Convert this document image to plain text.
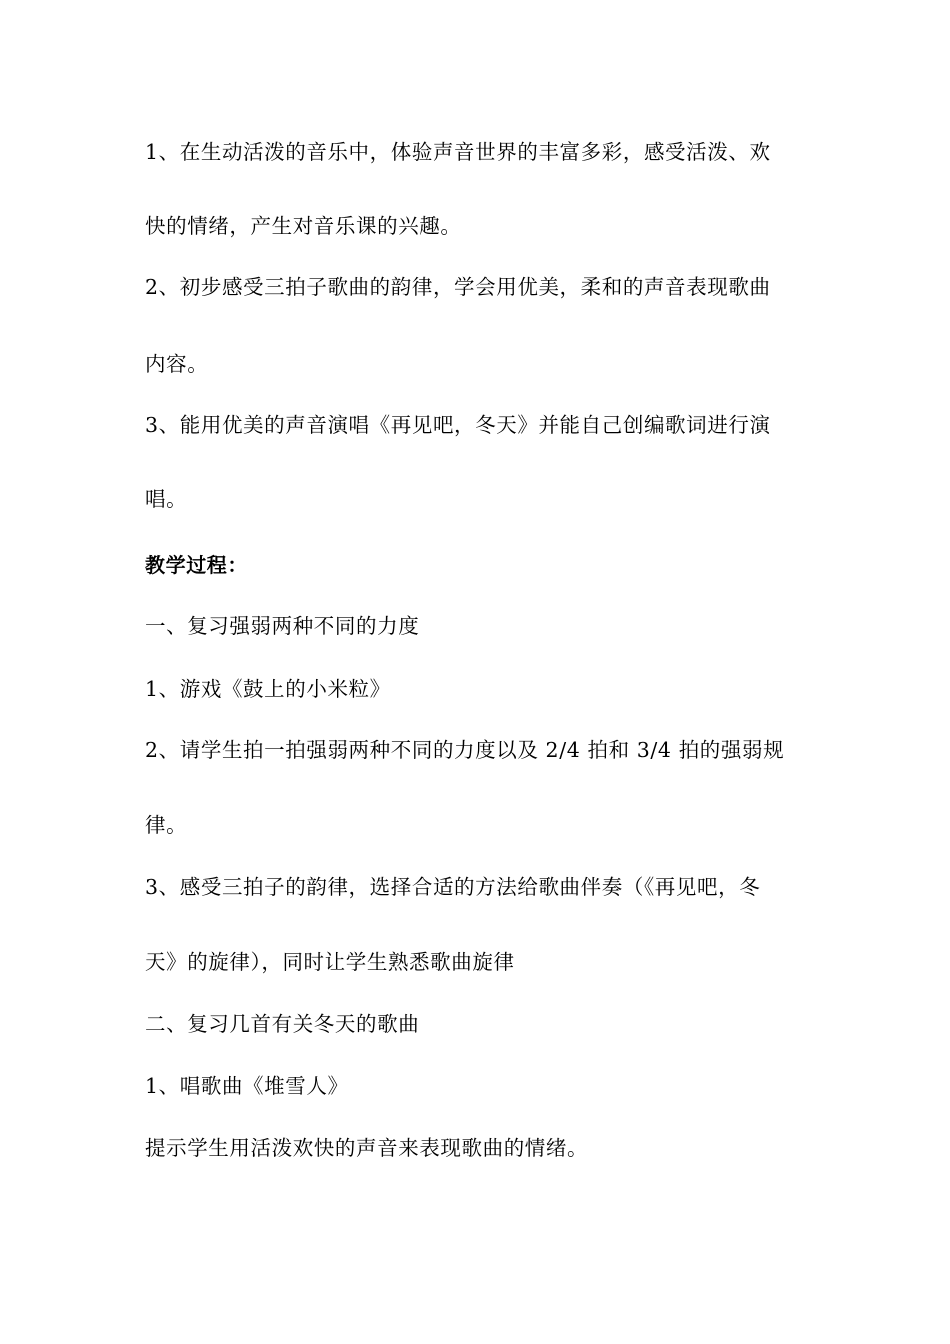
1、在生动活泼的音乐中，体验声音世界的丰富多彩，感受活泼、欢
快的情绪，产生对音乐课的兴趣。
2、初步感受三拍子歌曲的韵律，学会用优美，柔和的声音表现歌曲
内容。
3、能用优美的声音演唱《再见吧，冬天》并能自己创编歌词进行演
唱。
教学过程：
一、复习强弱两种不同的力度
1、游戏《鼓上的小米粒》
2、请学生拍一拍强弱两种不同的力度以及 2/4 拍和 3/4 拍的强弱规
律。
3、感受三拍子的韵律，选择合适的方法给歌曲伴奏（《再见吧，冬
天》的旋律），同时让学生熟悉歌曲旋律
二、复习几首有关冬天的歌曲
1、唱歌曲《堆雪人》
提示学生用活泼欢快的声音来表现歌曲的情绪。
